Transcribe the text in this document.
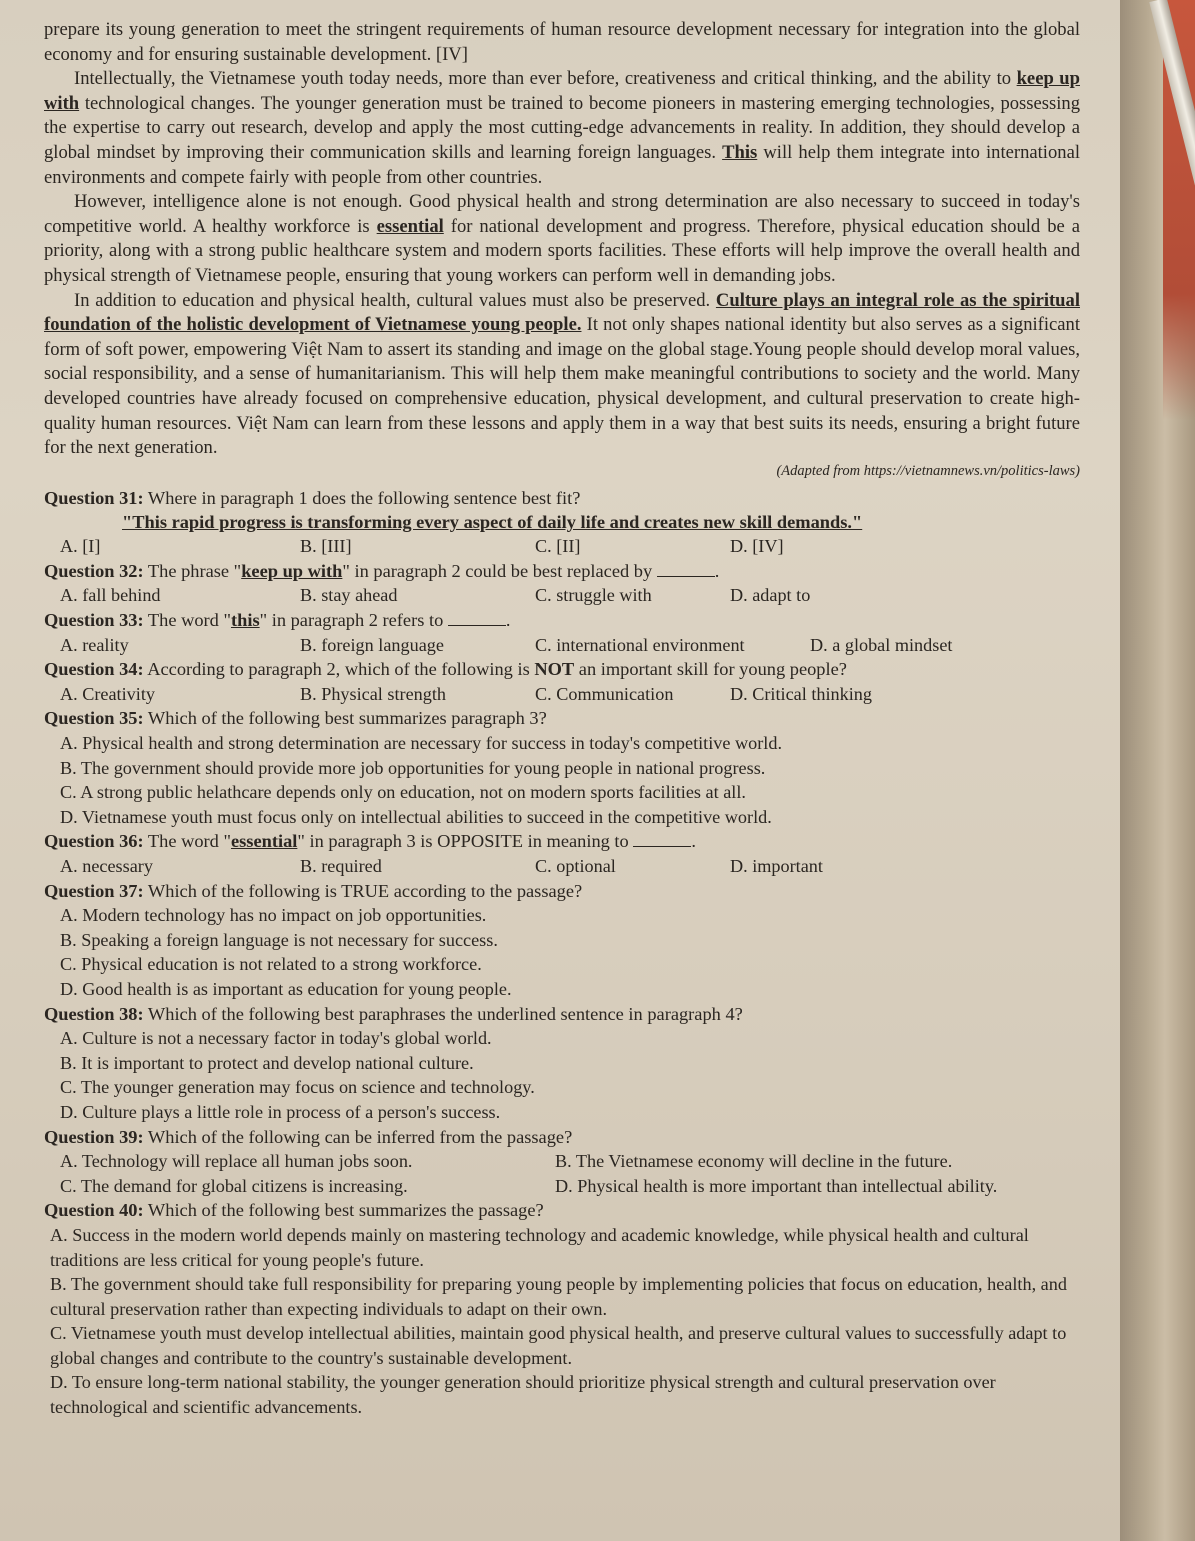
prepare its young generation to meet the stringent requirements of human resource development necessary for integration into the global economy and for ensuring sustainable development. [IV]

Intellectually, the Vietnamese youth today needs, more than ever before, creativeness and critical thinking, and the ability to keep up with technological changes. The younger generation must be trained to become pioneers in mastering emerging technologies, possessing the expertise to carry out research, develop and apply the most cutting-edge advancements in reality. In addition, they should develop a global mindset by improving their communication skills and learning foreign languages. This will help them integrate into international environments and compete fairly with people from other countries.

However, intelligence alone is not enough. Good physical health and strong determination are also necessary to succeed in today's competitive world. A healthy workforce is essential for national development and progress. Therefore, physical education should be a priority, along with a strong public healthcare system and modern sports facilities. These efforts will help improve the overall health and physical strength of Vietnamese people, ensuring that young workers can perform well in demanding jobs.

In addition to education and physical health, cultural values must also be preserved. Culture plays an integral role as the spiritual foundation of the holistic development of Vietnamese young people. It not only shapes national identity but also serves as a significant form of soft power, empowering Việt Nam to assert its standing and image on the global stage.Young people should develop moral values, social responsibility, and a sense of humanitarianism. This will help them make meaningful contributions to society and the world. Many developed countries have already focused on comprehensive education, physical development, and cultural preservation to create high-quality human resources. Việt Nam can learn from these lessons and apply them in a way that best suits its needs, ensuring a bright future for the next generation.

(Adapted from https://vietnamnews.vn/politics-laws)

Question 31: Where in paragraph 1 does the following sentence best fit?

"This rapid progress is transforming every aspect of daily life and creates new skill demands."

A. [I]	B. [III]	C. [II]	D. [IV]

Question 32: The phrase "keep up with" in paragraph 2 could be best replaced by	.

A. fall behind	B. stay ahead	C. struggle with	D. adapt to

Question 33: The word "this" in paragraph 2 refers to	.

A. reality	B. foreign language	C. international environment	D. a global mindset

Question 34: According to paragraph 2, which of the following is NOT an important skill for young people?

A. Creativity	B. Physical strength	C. Communication	D. Critical thinking

Question 35: Which of the following best summarizes paragraph 3?

A. Physical health and strong determination are necessary for success in today's competitive world.

B. The government should provide more job opportunities for young people in national progress.

C. A strong public helathcare depends only on education, not on modern sports facilities at all.

D. Vietnamese youth must focus only on intellectual abilities to succeed in the competitive world.

Question 36: The word "essential" in paragraph 3 is OPPOSITE in meaning to	.

A. necessary	B. required	C. optional	D. important

Question 37: Which of the following is TRUE according to the passage?

A. Modern technology has no impact on job opportunities.

B. Speaking a foreign language is not necessary for success.

C. Physical education is not related to a strong workforce.

D. Good health is as important as education for young people.

Question 38: Which of the following best paraphrases the underlined sentence in paragraph 4?

A. Culture is not a necessary factor in today's global world.

B. It is important to protect and develop national culture.

C. The younger generation may focus on science and technology.

D. Culture plays a little role in process of a person's success.

Question 39: Which of the following can be inferred from the passage?

A. Technology will replace all human jobs soon.	B. The Vietnamese economy will decline in the future.
C. The demand for global citizens is increasing.	D. Physical health is more important than intellectual ability.

Question 40: Which of the following best summarizes the passage?

A. Success in the modern world depends mainly on mastering technology and academic knowledge, while physical health and cultural traditions are less critical for young people's future.

B. The government should take full responsibility for preparing young people by implementing policies that focus on education, health, and cultural preservation rather than expecting individuals to adapt on their own.

C. Vietnamese youth must develop intellectual abilities, maintain good physical health, and preserve cultural values to successfully adapt to global changes and contribute to the country's sustainable development.

D. To ensure long-term national stability, the younger generation should prioritize physical strength and cultural preservation over technological and scientific advancements.
